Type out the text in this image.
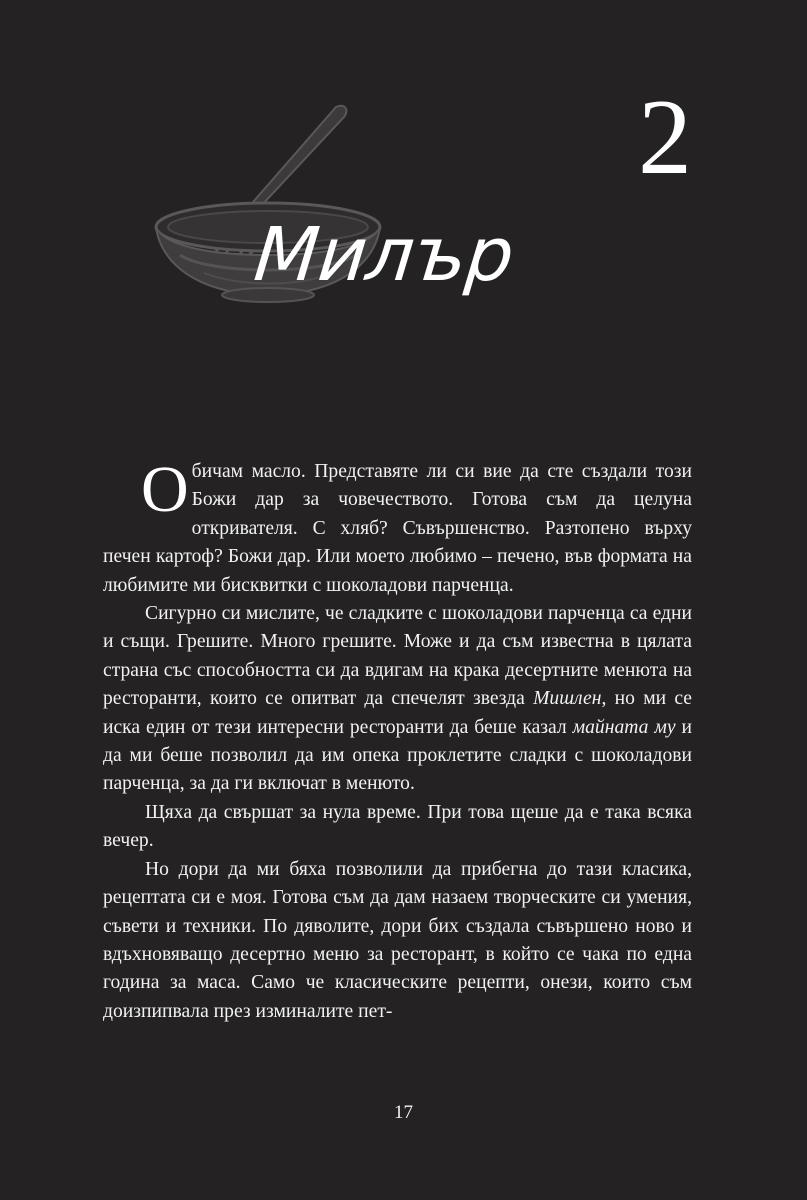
2
Милър

Обичам масло. Представяте ли си вие да сте създали този Божи дар за човечеството. Готова съм да целуна откривателя. С хляб? Съвършенство. Разтопено върху печен картоф? Божи дар. Или моето любимо – печено, във формата на любимите ми бисквитки с шоколадови парченца.

Сигурно си мислите, че сладките с шоколадови парченца са едни и същи. Грешите. Много грешите. Може и да съм известна в цялата страна със способността си да вдигам на крака десертните менюта на ресторанти, които се опитват да спечелят звезда Мишлен, но ми се иска един от тези интересни ресторанти да беше казал майната му и да ми беше позволил да им опека проклетите сладки с шоколадови парченца, за да ги включат в менюто.

Щяха да свършат за нула време. При това щеше да е така всяка вечер.

Но дори да ми бяха позволили да прибегна до тази класика, рецептата си е моя. Готова съм да дам назаем творческите си умения, съвети и техники. По дяволите, дори бих създала съвършено ново и вдъхновяващо десертно меню за ресторант, в който се чака по една година за маса. Само че класическите рецепти, онези, които съм доизпипвала през изминалите пет-

17
